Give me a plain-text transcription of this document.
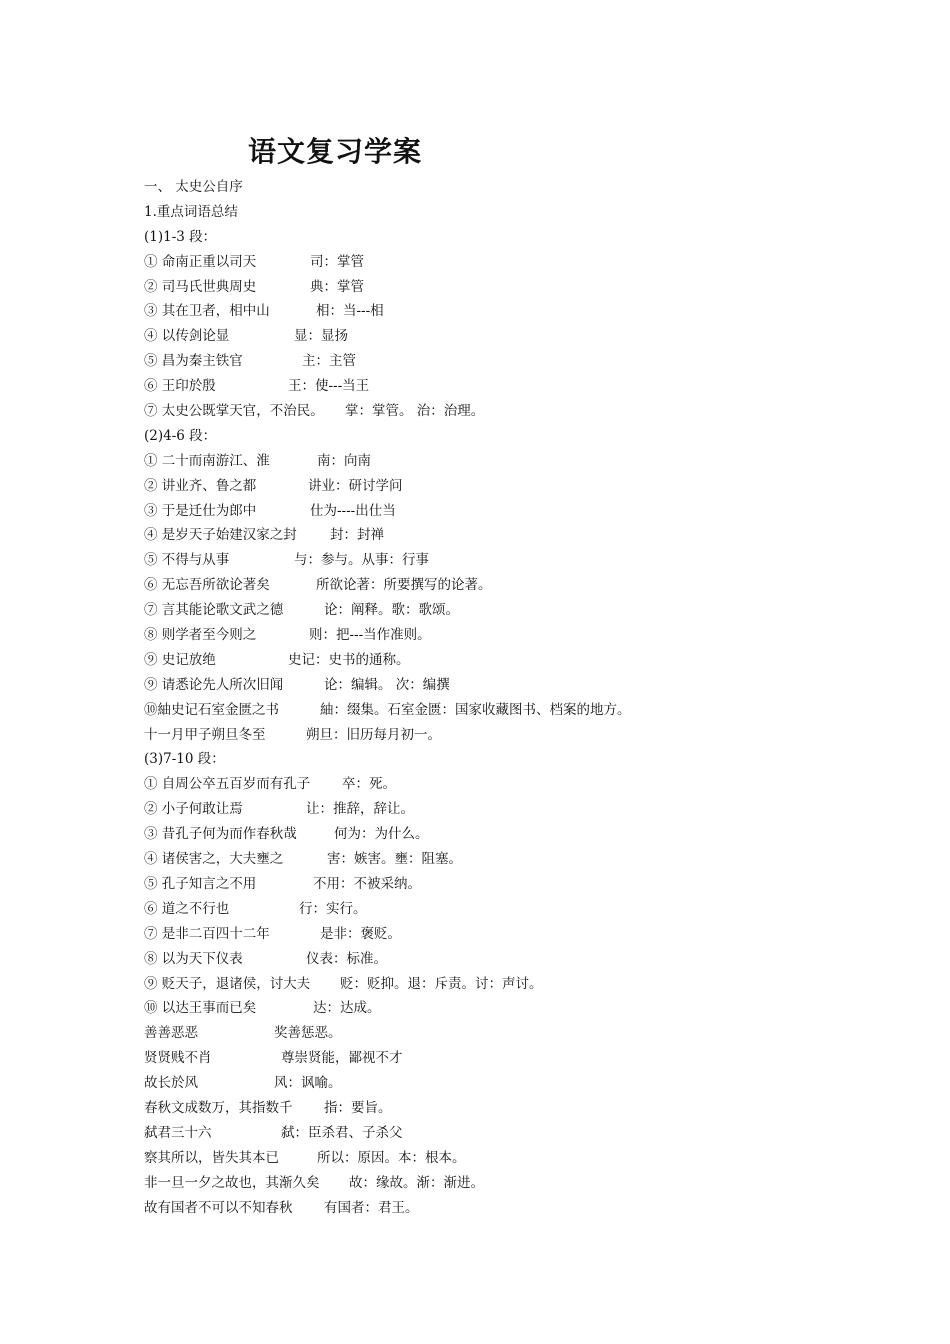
语文复习学案
一、 太史公自序
1.重点词语总结
(1)1-3 段：
① 命南正重以司天	司：掌管
② 司马氏世典周史	典：掌管
③ 其在卫者，相中山	相：当---相
④ 以传剑论显	显：显扬
⑤ 昌为秦主铁官	主：主管
⑥ 王印於殷	王：使---当王
⑦ 太史公既掌天官，不治民。 掌：掌管。 治：治理。
(2)4-6 段：
① 二十而南游江、淮	南：向南
② 讲业齐、鲁之都	讲业：研讨学问
③ 于是迁仕为郎中	仕为----出仕当
④ 是岁天子始建汉家之封 封：封禅
⑤ 不得与从事	与：参与。从事：行事
⑥ 无忘吾所欲论著矣	所欲论著：所要撰写的论著。
⑦ 言其能论歌文武之德	论：阐释。歌：歌颂。
⑧ 则学者至今则之	则：把---当作准则。
⑨ 史记放绝	史记：史书的通称。
⑨ 请悉论先人所次旧闻	论：编辑。 次：编撰
⑩紬史记石室金匮之书	紬：缀集。石室金匮：国家收藏图书、档案的地方。
十一月甲子朔旦冬至	朔旦：旧历每月初一。
(3)7-10 段：
① 自周公卒五百岁而有孔子 卒：死。
② 小子何敢让焉	让：推辞，辞让。
③ 昔孔子何为而作春秋哉	何为：为什么。
④ 诸侯害之，大夫壅之	害：嫉害。壅：阻塞。
⑤ 孔子知言之不用	不用：不被采纳。
⑥ 道之不行也	行：实行。
⑦ 是非二百四十二年	是非：褒贬。
⑧ 以为天下仪表	仪表：标准。
⑨ 贬天子，退诸侯，讨大夫 贬：贬抑。退：斥责。讨：声讨。
⑩ 以达王事而已矣	达：达成。
善善恶恶	奖善惩恶。
贤贤贱不肖	尊崇贤能，鄙视不才
故长於风	风：讽喻。
春秋文成数万，其指数千 指：要旨。
弑君三十六	弑：臣杀君、子杀父
察其所以，皆失其本已	所以：原因。本：根本。
非一旦一夕之故也，其渐久矣 故：缘故。渐：渐进。
故有国者不可以不知春秋 有国者：君王。
